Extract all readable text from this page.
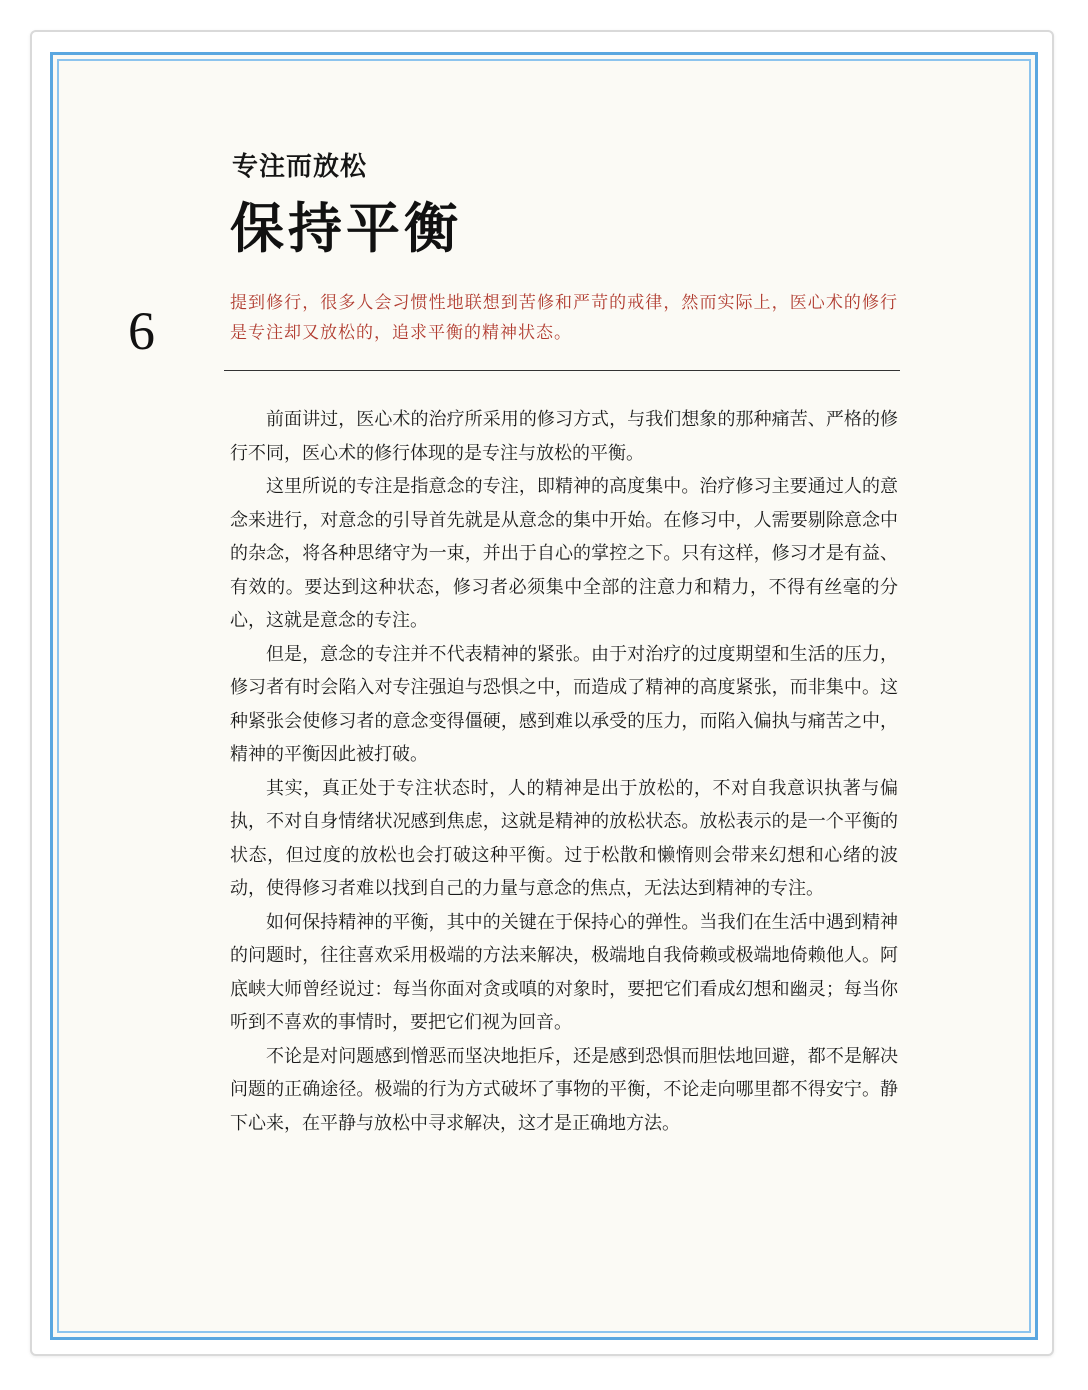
专注而放松
保持平衡
6	提到修行，很多人会习惯性地联想到苦修和严苛的戒律，然而实际上，医心术的修行是专注却又放松的，追求平衡的精神状态。

前面讲过，医心术的治疗所采用的修习方式，与我们想象的那种痛苦、严格的修行不同，医心术的修行体现的是专注与放松的平衡。

这里所说的专注是指意念的专注，即精神的高度集中。治疗修习主要通过人的意念来进行，对意念的引导首先就是从意念的集中开始。在修习中，人需要剔除意念中的杂念，将各种思绪守为一束，并出于自心的掌控之下。只有这样，修习才是有益、有效的。要达到这种状态，修习者必须集中全部的注意力和精力，不得有丝毫的分心，这就是意念的专注。

但是，意念的专注并不代表精神的紧张。由于对治疗的过度期望和生活的压力，修习者有时会陷入对专注强迫与恐惧之中，而造成了精神的高度紧张，而非集中。这种紧张会使修习者的意念变得僵硬，感到难以承受的压力，而陷入偏执与痛苦之中，精神的平衡因此被打破。

其实，真正处于专注状态时，人的精神是出于放松的，不对自我意识执著与偏执，不对自身情绪状况感到焦虑，这就是精神的放松状态。放松表示的是一个平衡的状态，但过度的放松也会打破这种平衡。过于松散和懒惰则会带来幻想和心绪的波动，使得修习者难以找到自己的力量与意念的焦点，无法达到精神的专注。

如何保持精神的平衡，其中的关键在于保持心的弹性。当我们在生活中遇到精神的问题时，往往喜欢采用极端的方法来解决，极端地自我倚赖或极端地倚赖他人。阿底峡大师曾经说过：每当你面对贪或嗔的对象时，要把它们看成幻想和幽灵；每当你听到不喜欢的事情时，要把它们视为回音。

不论是对问题感到憎恶而坚决地拒斥，还是感到恐惧而胆怯地回避，都不是解决问题的正确途径。极端的行为方式破坏了事物的平衡，不论走向哪里都不得安宁。静下心来，在平静与放松中寻求解决，这才是正确地方法。
